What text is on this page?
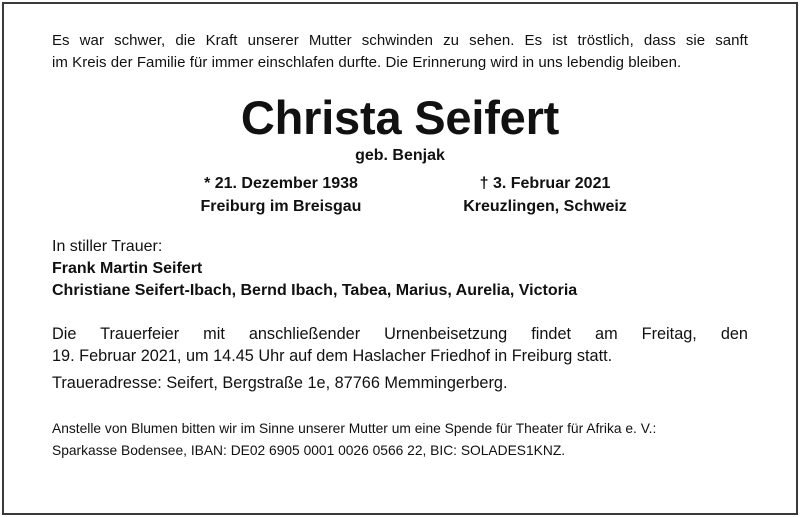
Es war schwer, die Kraft unserer Mutter schwinden zu sehen. Es ist tröstlich, dass sie sanft
im Kreis der Familie für immer einschlafen durfte. Die Erinnerung wird in uns lebendig bleiben.
Christa Seifert
geb. Benjak
* 21. Dezember 1938
Freiburg im Breisgau
† 3. Februar 2021
Kreuzlingen, Schweiz
In stiller Trauer:
Frank Martin Seifert
Christiane Seifert-Ibach, Bernd Ibach, Tabea, Marius, Aurelia, Victoria
Die Trauerfeier mit anschließender Urnenbeisetzung findet am Freitag, den
19. Februar 2021, um 14.45 Uhr auf dem Haslacher Friedhof in Freiburg statt.
Traueradresse: Seifert, Bergstraße 1e, 87766 Memmingerberg.
Anstelle von Blumen bitten wir im Sinne unserer Mutter um eine Spende für Theater für Afrika e. V.:
Sparkasse Bodensee, IBAN: DE02 6905 0001 0026 0566 22, BIC: SOLADES1KNZ.
